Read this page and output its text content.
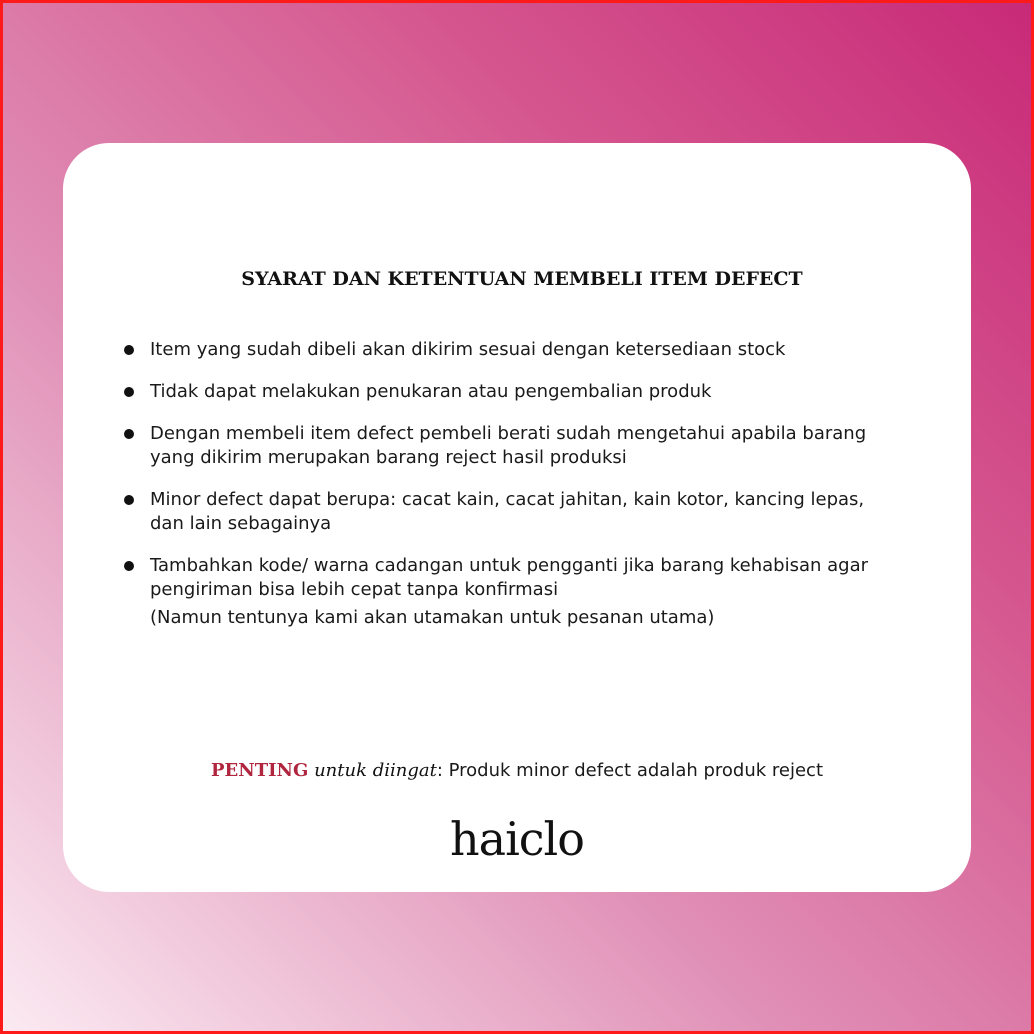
SYARAT DAN KETENTUAN MEMBELI ITEM DEFECT
Item yang sudah dibeli akan dikirim sesuai dengan ketersediaan stock
Tidak dapat melakukan penukaran atau pengembalian produk
Dengan membeli item defect pembeli berati sudah mengetahui apabila barang yang dikirim merupakan barang reject hasil produksi
Minor defect dapat berupa: cacat kain, cacat jahitan, kain kotor, kancing lepas, dan lain sebagainya
Tambahkan kode/ warna cadangan untuk pengganti jika barang kehabisan agar pengiriman bisa lebih cepat tanpa konfirmasi
(Namun tentunya kami akan utamakan untuk pesanan utama)
PENTING untuk diingat: Produk minor defect adalah produk reject
haiclo
